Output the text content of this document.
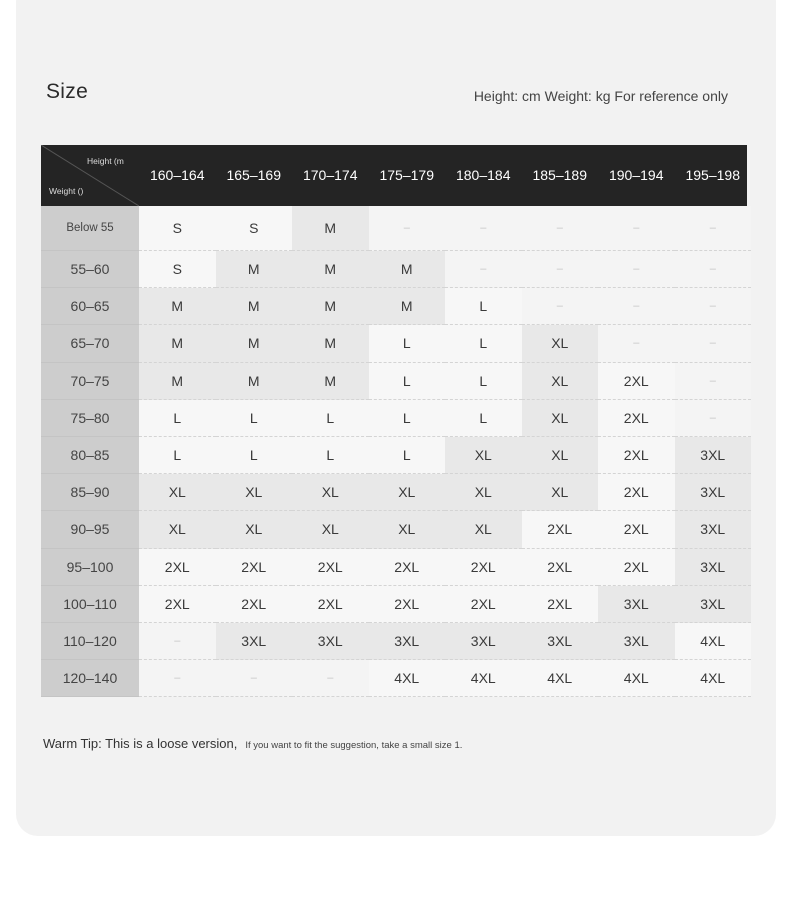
Size	Height: cm Weight: kg For reference only
Height (m
Weight ()
160–164	165–169	170–174	175–179	180–184	185–189	190–194	195–198
Below 55	S	S	M	–	–	–	–	–
55–60	S	M	M	M	–	–	–	–
60–65	M	M	M	M	L	–	–	–
65–70	M	M	M	L	L	XL	–	–
70–75	M	M	M	L	L	XL	2XL	–
75–80	L	L	L	L	L	XL	2XL	–
80–85	L	L	L	L	XL	XL	2XL	3XL
85–90	XL	XL	XL	XL	XL	XL	2XL	3XL
90–95	XL	XL	XL	XL	XL	2XL	2XL	3XL
95–100	2XL	2XL	2XL	2XL	2XL	2XL	2XL	3XL
100–110	2XL	2XL	2XL	2XL	2XL	2XL	3XL	3XL
110–120	–	3XL	3XL	3XL	3XL	3XL	3XL	4XL
120–140	–	–	–	4XL	4XL	4XL	4XL	4XL
Warm Tip: This is a loose version, If you want to fit the suggestion, take a small size 1.
